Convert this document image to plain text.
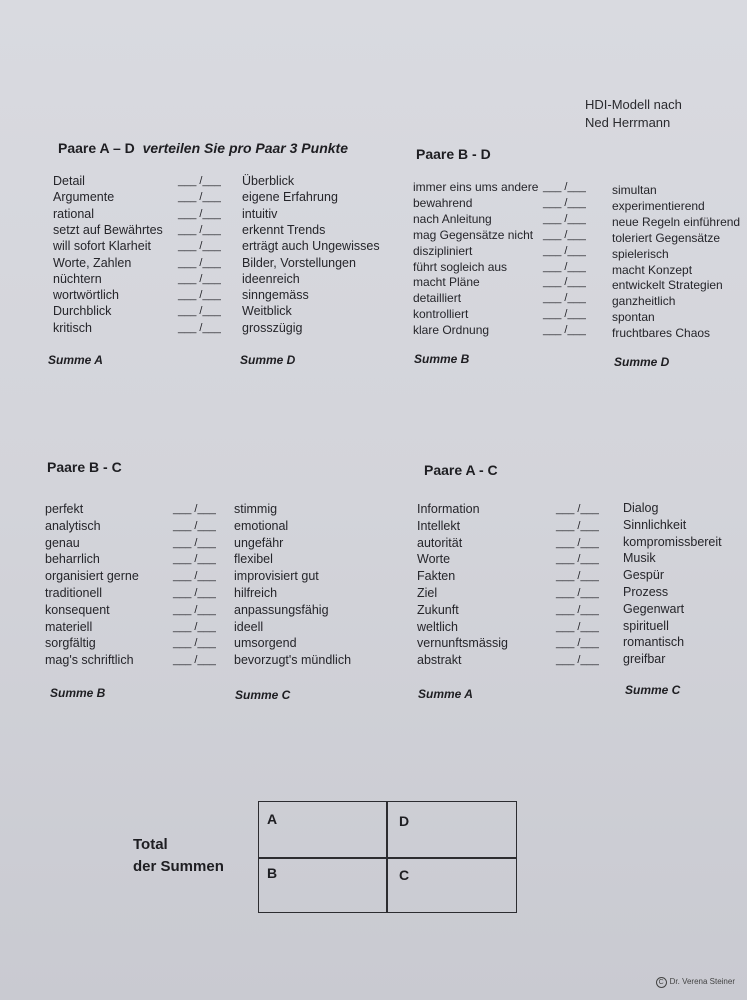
HDI-Modell nach
Ned Herrmann
Paare A – D verteilen Sie pro Paar 3 Punkte
Detail	___ /___ Überblick
Argumente	___ /___ eigene Erfahrung
rational	___ /___ intuitiv
setzt auf Bewährtes ___ /___ erkennt Trends
will sofort Klarheit ___ /___ erträgt auch Ungewisses
Worte, Zahlen	___ /___ Bilder, Vorstellungen
nüchtern	___ /___ ideenreich
wortwörtlich	___ /___ sinngemäss
Durchblick	___ /___ Weitblick
kritisch	___ /___ grosszügig
Summe A	Summe D
Paare B - D
immer eins ums andere ___ /___ simultan
bewahrend	___ /___ experimentierend
nach Anleitung	___ /___ neue Regeln einführend
mag Gegensätze nicht ___ /___ toleriert Gegensätze
diszipliniert	___ /___ spielerisch
führt sogleich aus	___ /___ macht Konzept
macht Pläne	___ /___ entwickelt Strategien
detailliert	___ /___ ganzheitlich
kontrolliert	___ /___ spontan
klare Ordnung	___ /___ fruchtbares Chaos
Summe B	Summe D
Paare B - C
perfekt	___ /___ stimmig
analytisch	___ /___ emotional
genau	___ /___ ungefähr
beharrlich	___ /___ flexibel
organisiert gerne	___ /___ improvisiert gut
traditionell	___ /___ hilfreich
konsequent	___ /___ anpassungsfähig
materiell	___ /___ ideell
sorgfältig	___ /___ umsorgend
mag's schriftlich	___ /___ bevorzugt's mündlich
Summe B	Summe C
Paare A - C
Information	___ /___ Dialog
Intellekt	___ /___ Sinnlichkeit
autorität	___ /___ kompromissbereit
Worte	___ /___ Musik
Fakten	___ /___ Gespür
Ziel	___ /___ Prozess
Zukunft	___ /___ Gegenwart
weltlich	___ /___ spirituell
vernunftsmässig	___ /___ romantisch
abstrakt	___ /___ greifbar
Summe A	Summe C
Total
der Summen
A	D
B	C
C Dr. Verena Steiner
